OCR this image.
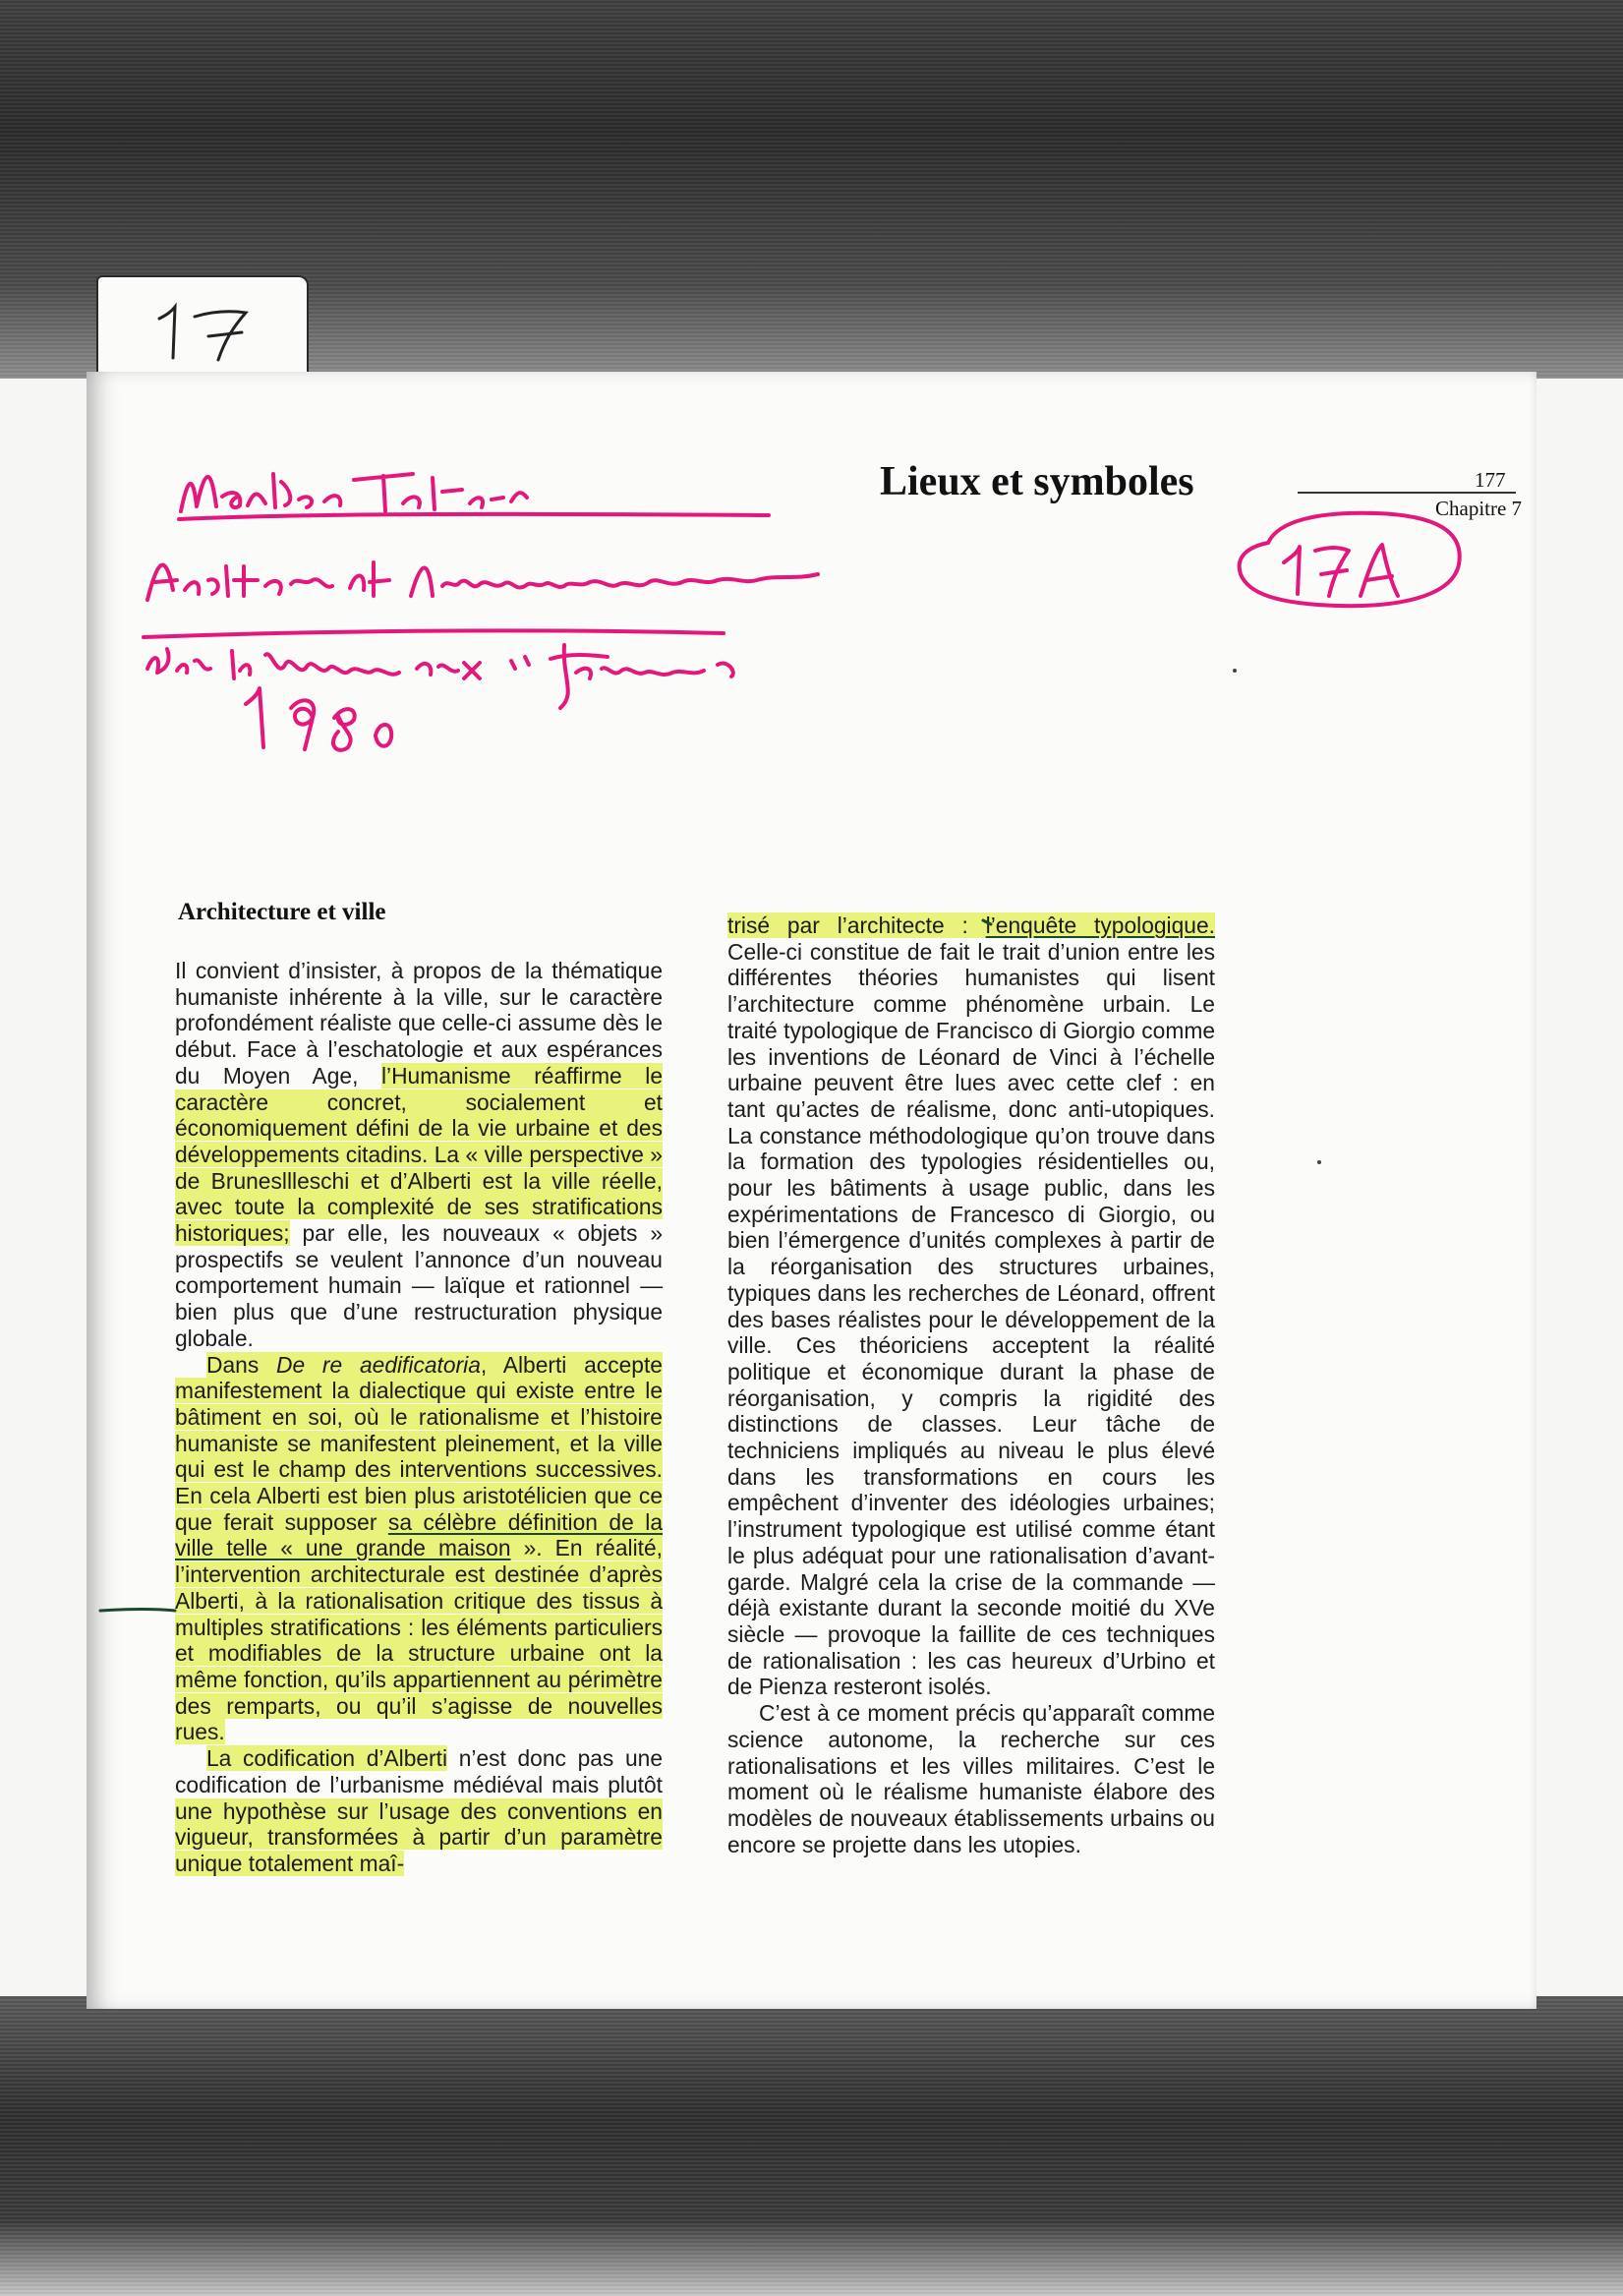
Lieux et symboles	177
Chapitre 7
Architecture et ville

Il convient d’insister, à propos de la thématique humaniste inhérente à la ville, sur le caractère profondément réaliste que celle-ci assume dès le début. Face à l’eschatologie et aux espérances du Moyen Age, l’Humanisme réaffirme le caractère concret, socialement et économiquement défini de la vie urbaine et des développements citadins. La « ville perspective » de Brunesllleschi et d’Alberti est la ville réelle, avec toute la complexité de ses stratifications historiques; par elle, les nouveaux « objets » prospectifs se veulent l’annonce d’un nouveau comportement humain — laïque et rationnel — bien plus que d’une restructuration physique globale.

Dans De re aedificatoria, Alberti accepte manifestement la dialectique qui existe entre le bâtiment en soi, où le rationalisme et l’histoire humaniste se manifestent pleinement, et la ville qui est le champ des interventions successives. En cela Alberti est bien plus aristotélicien que ce que ferait supposer sa célèbre définition de la ville telle « une grande maison ». En réalité, l’intervention architecturale est destinée d’après Alberti, à la rationalisation critique des tissus à multiples stratifications : les éléments particuliers et modifiables de la structure urbaine ont la même fonction, qu’ils appartiennent au périmètre des remparts, ou qu’il s’agisse de nouvelles rues.

La codification d’Alberti n’est donc pas une codification de l’urbanisme médiéval mais plutôt une hypothèse sur l’usage des conventions en vigueur, transformées à partir d’un paramètre unique totalement maî-

trisé par l’architecte : l’enquête typologique. Celle-ci constitue de fait le trait d’union entre les différentes théories humanistes qui lisent l’architecture comme phénomène urbain. Le traité typologique de Francisco di Giorgio comme les inventions de Léonard de Vinci à l’échelle urbaine peuvent être lues avec cette clef : en tant qu’actes de réalisme, donc anti-utopiques. La constance méthodologique qu’on trouve dans la formation des typologies résidentielles ou, pour les bâtiments à usage public, dans les expérimentations de Francesco di Giorgio, ou bien l’émergence d’unités complexes à partir de la réorganisation des structures urbaines, typiques dans les recherches de Léonard, offrent des bases réalistes pour le développement de la ville. Ces théoriciens acceptent la réalité politique et économique durant la phase de réorganisation, y compris la rigidité des distinctions de classes. Leur tâche de techniciens impliqués au niveau le plus élevé dans les transformations en cours les empêchent d’inventer des idéologies urbaines; l’instrument typologique est utilisé comme étant le plus adéquat pour une rationalisation d’avant-garde. Malgré cela la crise de la commande — déjà existante durant la seconde moitié du XVe siècle — provoque la faillite de ces techniques de rationalisation : les cas heureux d’Urbino et de Pienza resteront isolés.

C’est à ce moment précis qu’apparaît comme science autonome, la recherche sur ces rationalisations et les villes militaires. C’est le moment où le réalisme humaniste élabore des modèles de nouveaux établissements urbains ou encore se projette dans les utopies.
